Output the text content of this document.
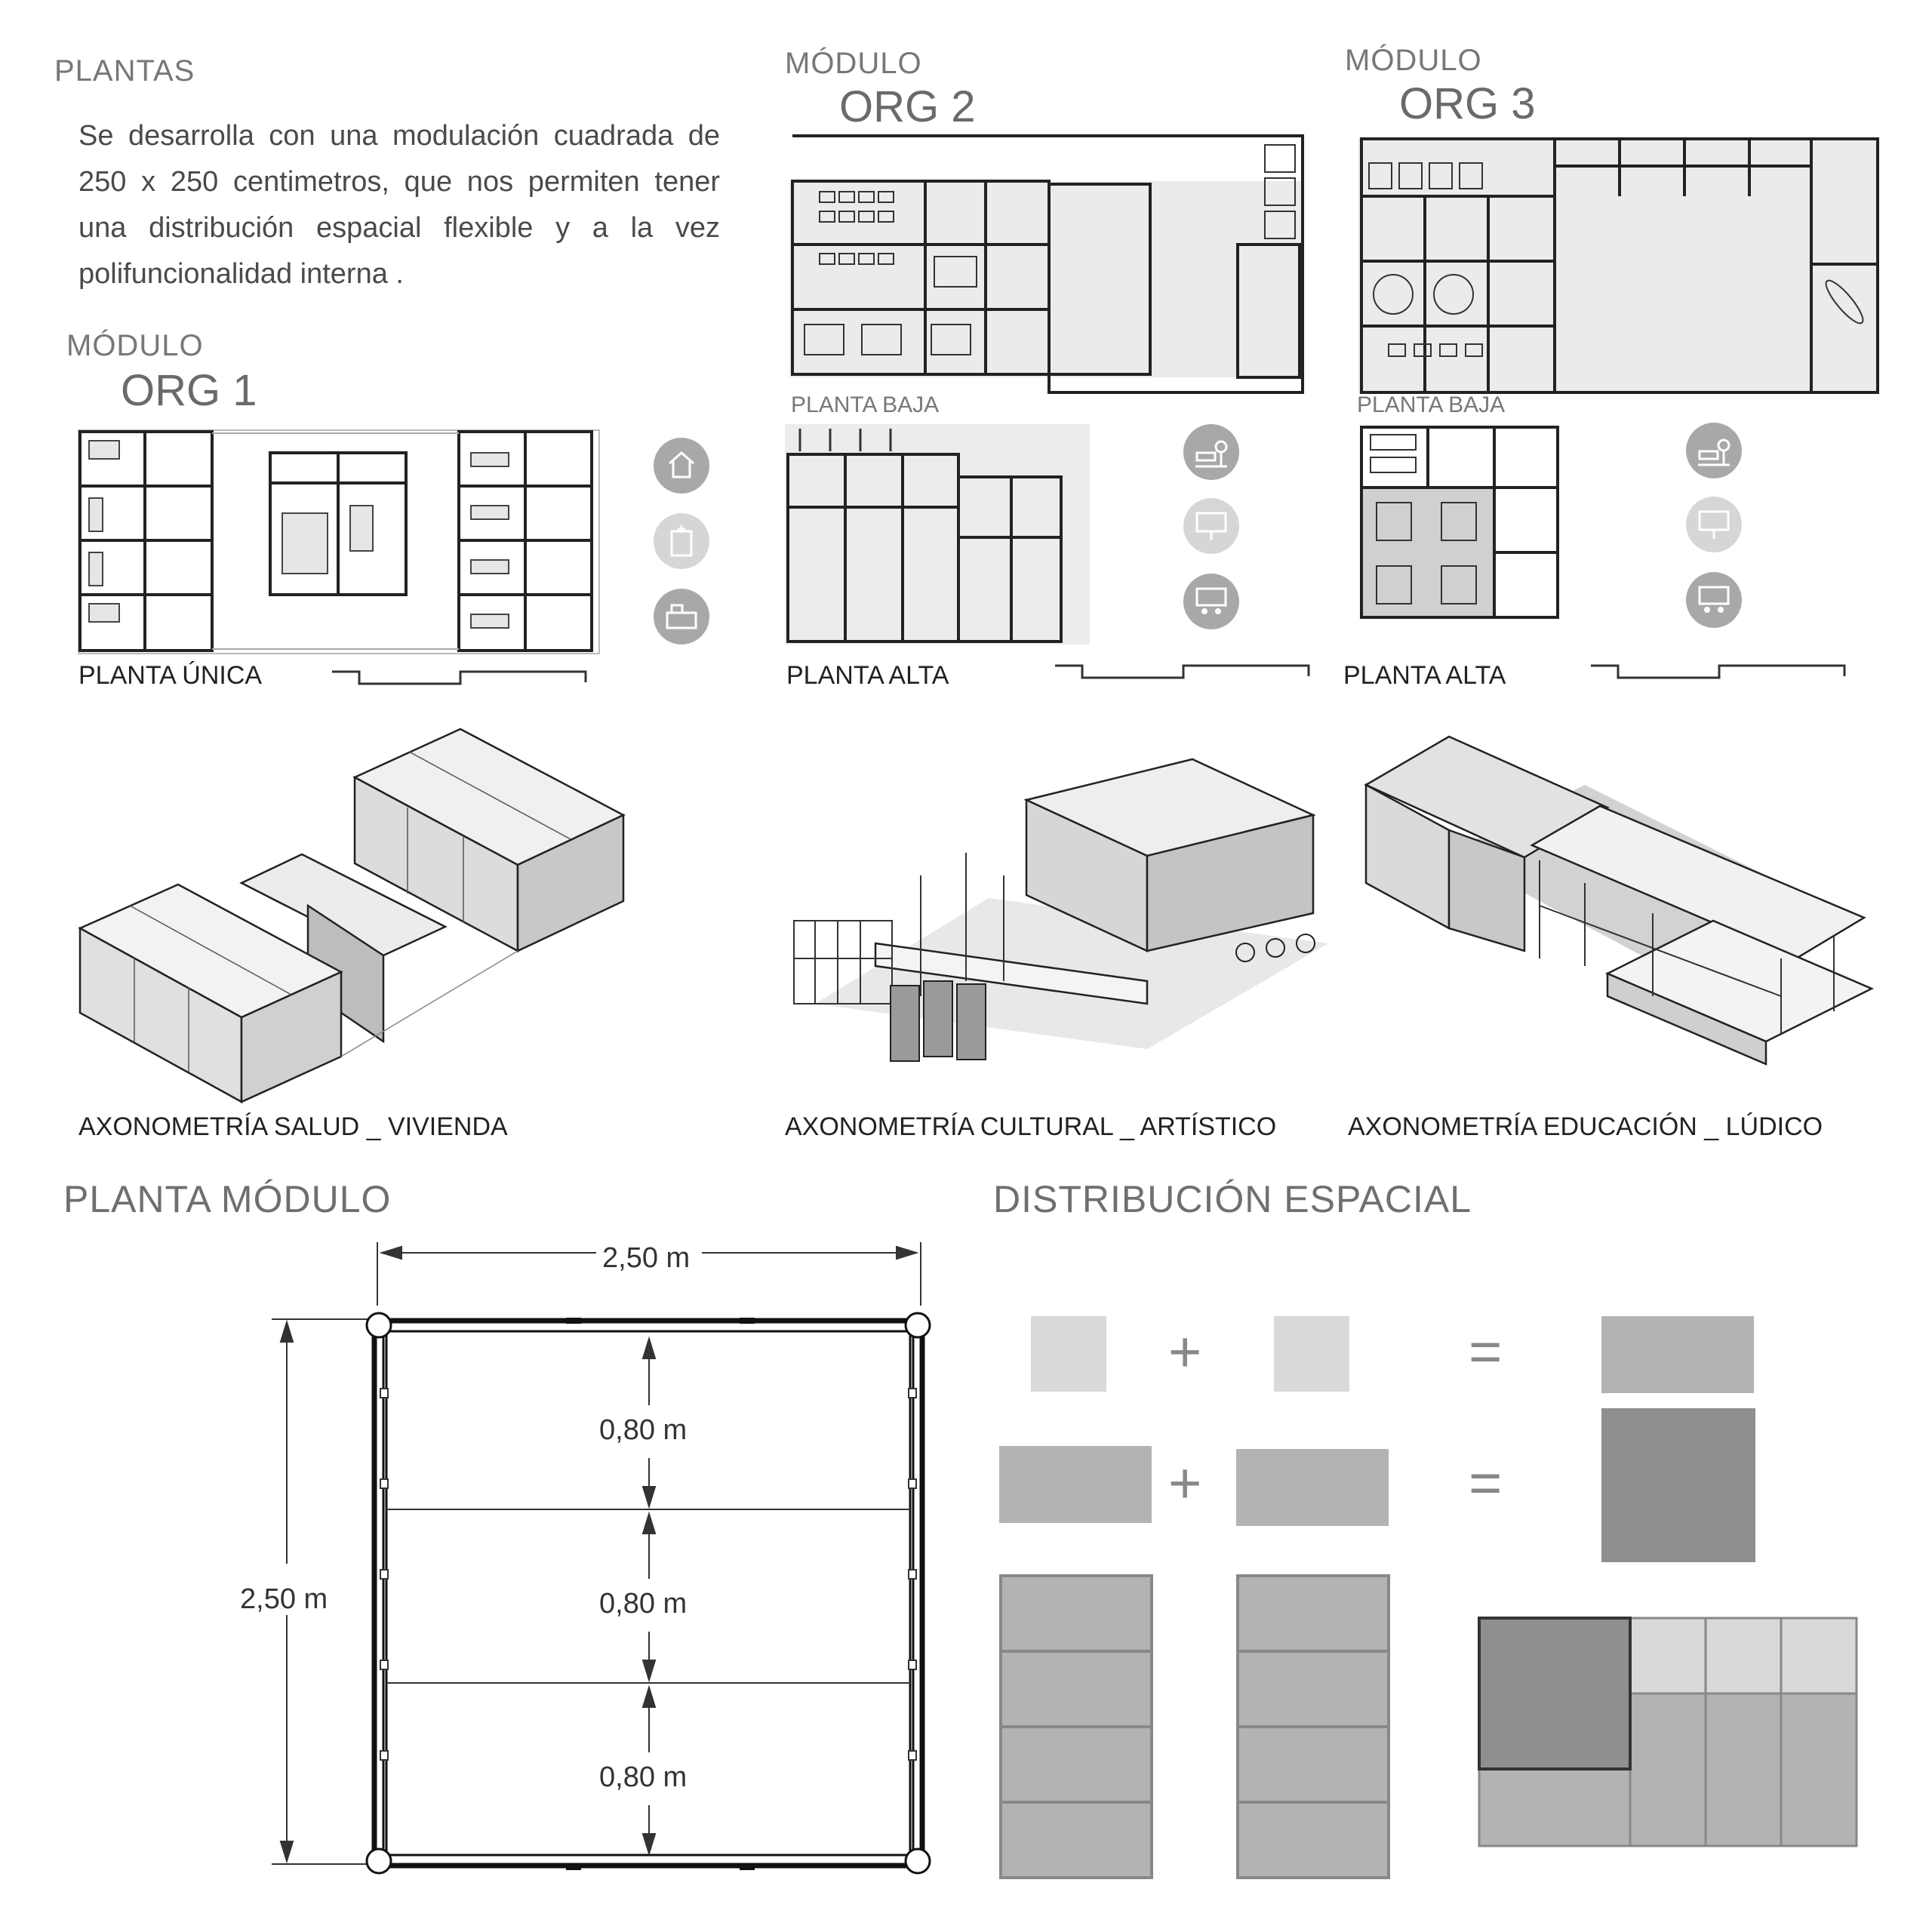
PLANTAS
Se desarrolla con una modulación cuadrada de 250 x 250 centimetros, que nos permiten tener una distribución espacial flexible y a la vez polifuncionalidad interna .
MÓDULO
ORG 1
PLANTA ÚNICA
MÓDULO
ORG 2
PLANTA BAJA
PLANTA ALTA
MÓDULO
ORG 3
PLANTA BAJA
PLANTA ALTA
AXONOMETRÍA SALUD _ VIVIENDA	AXONOMETRÍA CULTURAL _ ARTÍSTICO	AXONOMETRÍA EDUCACIÓN _ LÚDICO
PLANTA MÓDULO
2,50 m
2,50 m
0,80 m
0,80 m
0,80 m
DISTRIBUCIÓN ESPACIAL
+	=
+	=
